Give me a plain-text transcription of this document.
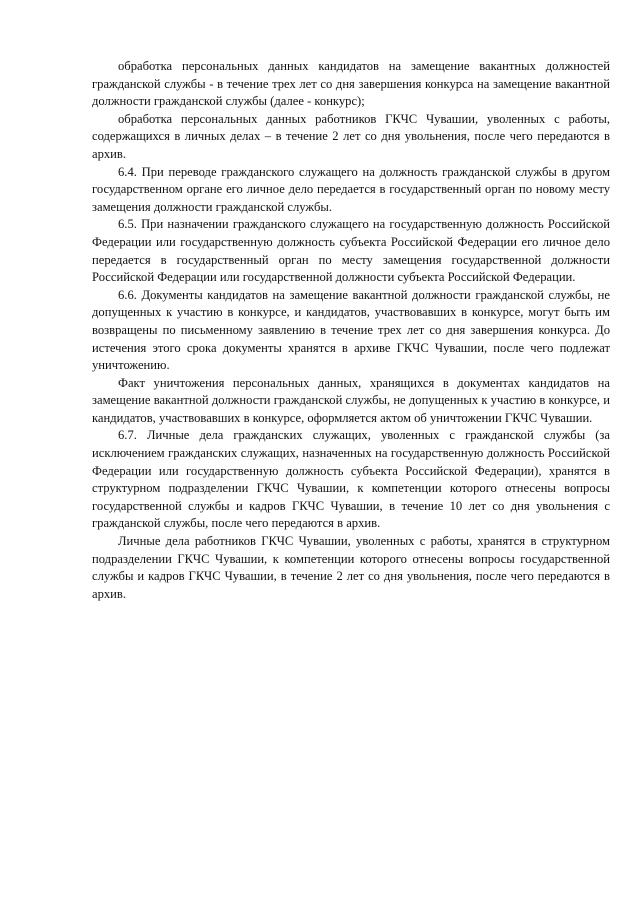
обработка персональных данных кандидатов на замещение вакантных должностей гражданской службы - в течение трех лет со дня завершения конкурса на замещение вакантной должности гражданской службы (далее - конкурс);

обработка персональных данных работников ГКЧС Чувашии, уволенных с работы, содержащихся в личных делах – в течение 2 лет со дня увольнения, после чего передаются в архив.

6.4. При переводе гражданского служащего на должность гражданской службы в другом государственном органе его личное дело передается в государственный орган по новому месту замещения должности гражданской службы.

6.5. При назначении гражданского служащего на государственную должность Российской Федерации или государственную должность субъекта Российской Федерации его личное дело передается в государственный орган по месту замещения государственной должности Российской Федерации или государственной должности субъекта Российской Федерации.

6.6. Документы кандидатов на замещение вакантной должности гражданской службы, не допущенных к участию в конкурсе, и кандидатов, участвовавших в конкурсе, могут быть им возвращены по письменному заявлению в течение трех лет со дня завершения конкурса. До истечения этого срока документы хранятся в архиве ГКЧС Чувашии, после чего подлежат уничтожению.

Факт уничтожения персональных данных, хранящихся в документах кандидатов на замещение вакантной должности гражданской службы, не допущенных к участию в конкурсе, и кандидатов, участвовавших в конкурсе, оформляется актом об уничтожении ГКЧС Чувашии.

6.7. Личные дела гражданских служащих, уволенных с гражданской службы (за исключением гражданских служащих, назначенных на государственную должность Российской Федерации или государственную должность субъекта Российской Федерации), хранятся в структурном подразделении ГКЧС Чувашии, к компетенции которого отнесены вопросы государственной службы и кадров ГКЧС Чувашии, в течение 10 лет со дня увольнения с гражданской службы, после чего передаются в архив.

Личные дела работников ГКЧС Чувашии, уволенных с работы, хранятся в структурном подразделении ГКЧС Чувашии, к компетенции которого отнесены вопросы государственной службы и кадров ГКЧС Чувашии, в течение 2 лет со дня увольнения, после чего передаются в архив.
